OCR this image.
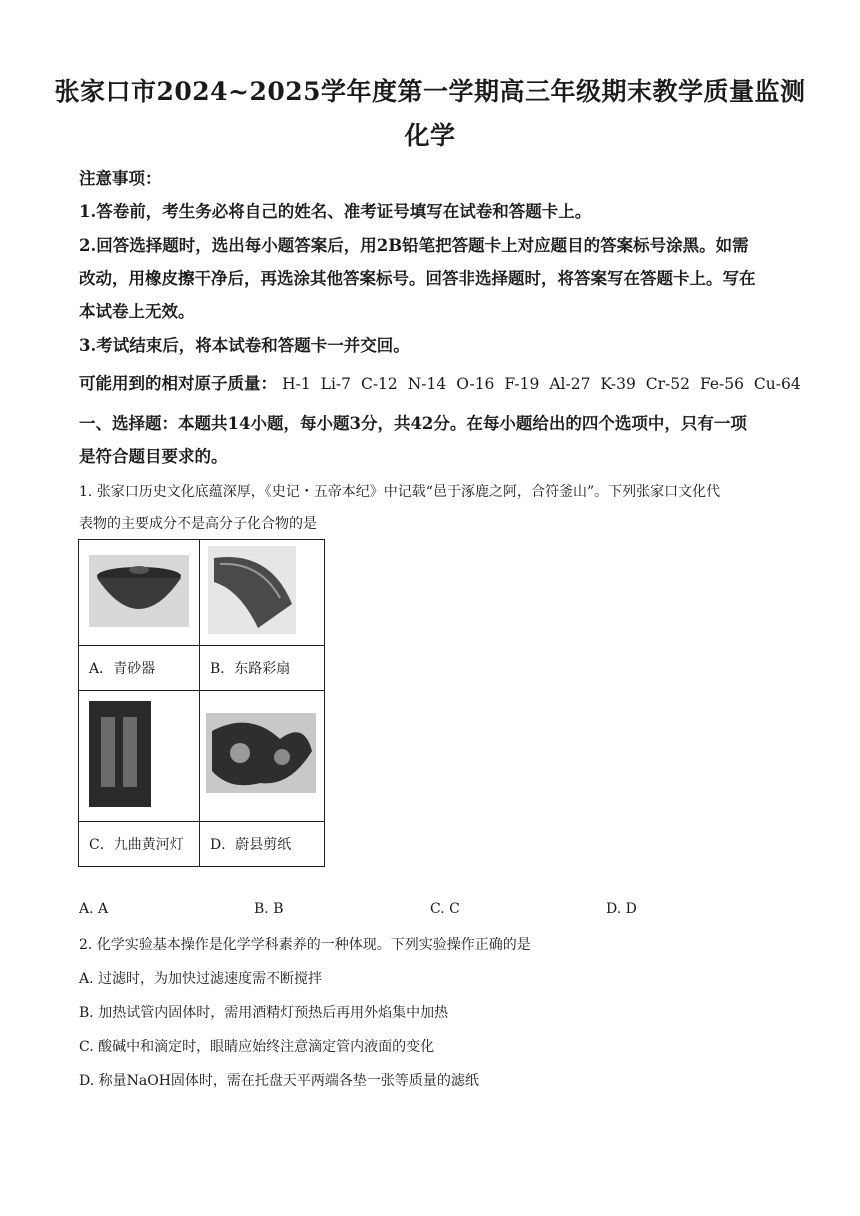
张家口市2024~2025学年度第一学期高三年级期末教学质量监测
化学
注意事项：
1.答卷前，考生务必将自己的姓名、准考证号填写在试卷和答题卡上。
2.回答选择题时，选出每小题答案后，用2B铅笔把答题卡上对应题目的答案标号涂黑。如需
改动，用橡皮擦干净后，再选涂其他答案标号。回答非选择题时，将答案写在答题卡上。写在
本试卷上无效。
3.考试结束后，将本试卷和答题卡一并交回。
可能用到的相对原子质量： H-1 Li-7 C-12 N-14 O-16 F-19 Al-27 K-39 Cr-52 Fe-56 Cu-64
一、选择题：本题共14小题，每小题3分，共42分。在每小题给出的四个选项中，只有一项
是符合题目要求的。
1. 张家口历史文化底蕴深厚，《史记・五帝本纪》中记载“邑于涿鹿之阿，合符釜山”。下列张家口文化代
表物的主要成分不是高分子化合物的是

A．青砂器	B．东路彩扇

C．九曲黄河灯	D．蔚县剪纸
A. A	B. B	C. C	D. D
2. 化学实验基本操作是化学学科素养的一种体现。下列实验操作正确的是
A. 过滤时，为加快过滤速度需不断搅拌
B. 加热试管内固体时，需用酒精灯预热后再用外焰集中加热
C. 酸碱中和滴定时，眼睛应始终注意滴定管内液面的变化
D. 称量NaOH固体时，需在托盘天平两端各垫一张等质量的滤纸
